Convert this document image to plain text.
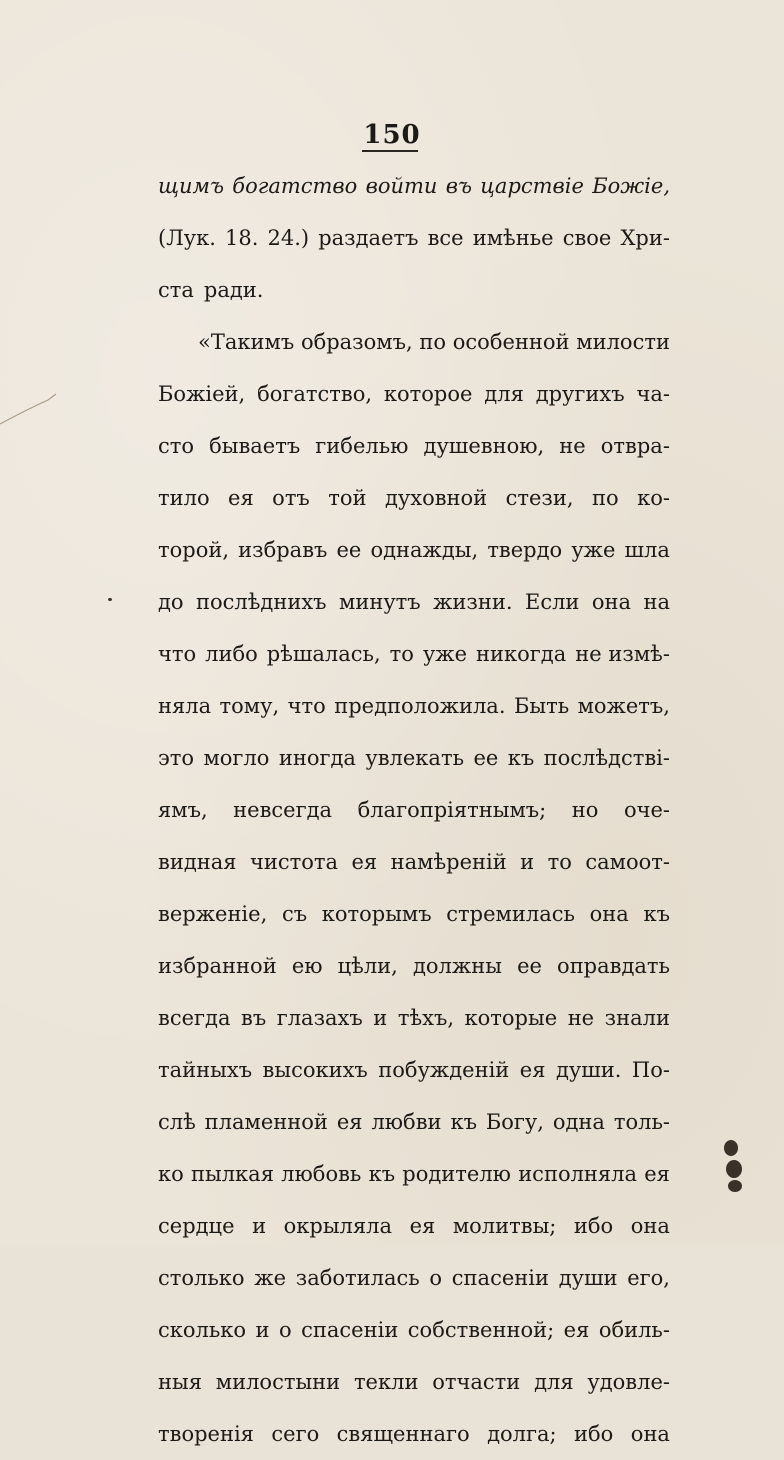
150
щимъ богатство войти въ царствіе Божіе,
(Лук. 18. 24.) раздаетъ все имѣнье свое Хри-
ста ради.
«Такимъ образомъ, по особенной милости
Божіей, богатство, которое для другихъ ча-
сто бываетъ гибелью душевною, не отвра-
тило ея отъ той духовной стези, по ко-
торой, избравъ ее однажды, твердо уже шла
до послѣднихъ минутъ жизни. Если она на
что либо рѣшалась, то уже никогда не измѣ-
няла тому, что предположила. Быть можетъ,
это могло иногда увлекать ее къ послѣдстві-
ямъ, невсегда благопріятнымъ; но оче-
видная чистота ея намѣреній и то самоот-
верженіе, съ которымъ стремилась она къ
избранной ею цѣли, должны ее оправдать
всегда въ глазахъ и тѣхъ, которые не знали
тайныхъ высокихъ побужденій ея души. По-
слѣ пламенной ея любви къ Богу, одна толь-
ко пылкая любовь къ родителю исполняла ея
сердце и окрыляла ея молитвы; ибо она
столько же заботилась о спасеніи души его,
сколько и о спасеніи собственной; ея обиль-
ныя милостыни текли отчасти для удовле-
творенія сего священнаго долга; ибо она
